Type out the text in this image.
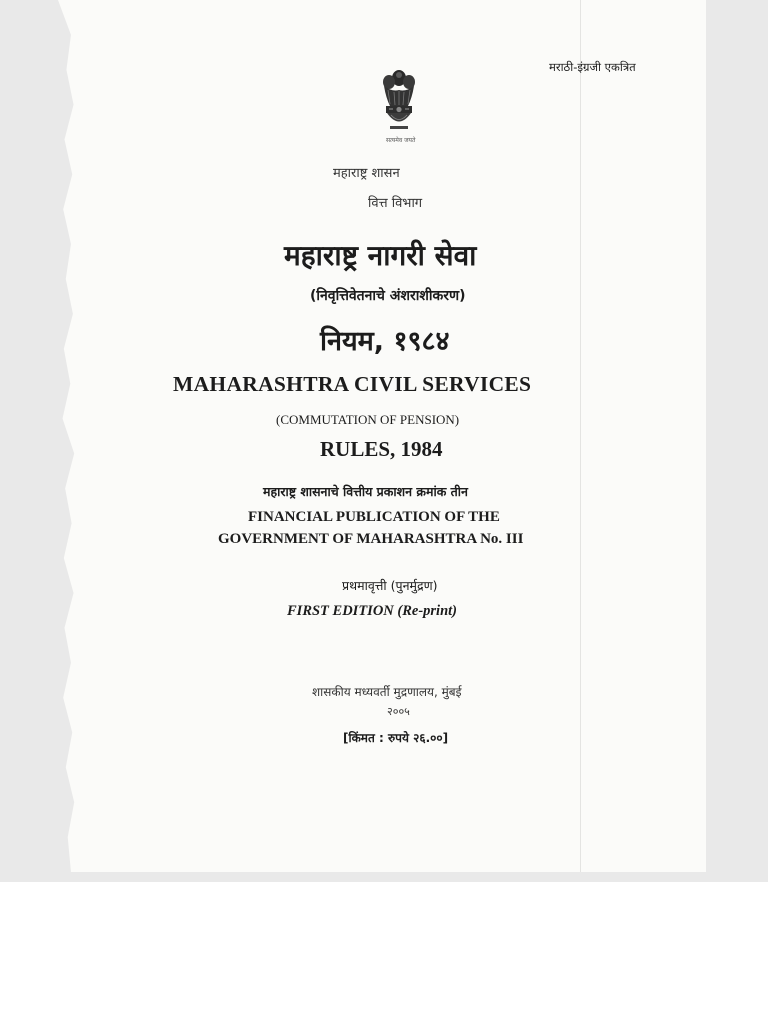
मराठी-इंग्रजी एकत्रित
सत्यमेव जयते
महाराष्ट्र शासन
वित्त विभाग
महाराष्ट्र नागरी सेवा
(निवृत्तिवेतनाचे अंशराशीकरण)
नियम, १९८४
MAHARASHTRA CIVIL SERVICES
(COMMUTATION OF PENSION)
RULES, 1984
महाराष्ट्र शासनाचे वित्तीय प्रकाशन क्रमांक तीन
FINANCIAL PUBLICATION OF THE
GOVERNMENT OF MAHARASHTRA No. III
प्रथमावृत्ती (पुनर्मुद्रण)
FIRST EDITION (Re-print)
शासकीय मध्यवर्ती मुद्रणालय, मुंबई
२००५
[किंमत : रुपये २६.००]
